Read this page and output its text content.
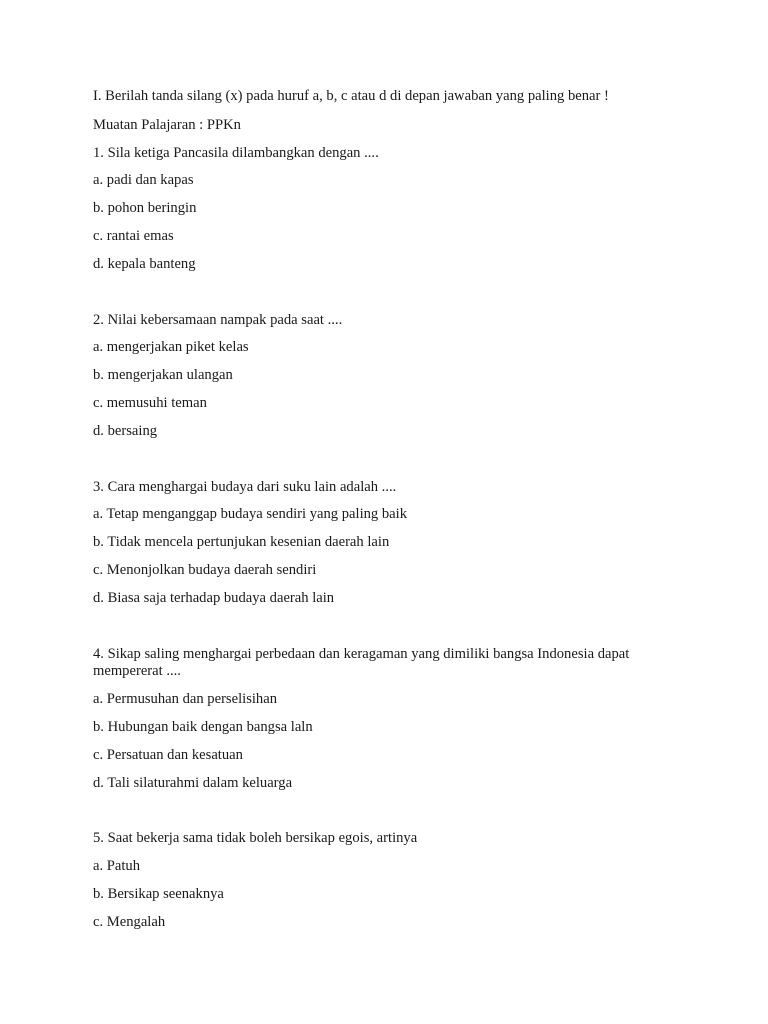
I. Berilah tanda silang (x) pada huruf a, b, c atau d di depan jawaban yang paling benar !
Muatan Palajaran : PPKn
1. Sila ketiga Pancasila dilambangkan dengan ....
a. padi dan kapas
b. pohon beringin
c. rantai emas
d. kepala banteng
2. Nilai kebersamaan nampak pada saat ....
a. mengerjakan piket kelas
b. mengerjakan ulangan
c. memusuhi teman
d. bersaing
3. Cara menghargai budaya dari suku lain adalah ....
a. Tetap menganggap budaya sendiri yang paling baik
b. Tidak mencela pertunjukan kesenian daerah lain
c. Menonjolkan budaya daerah sendiri
d. Biasa saja terhadap budaya daerah lain
4. Sikap saling menghargai perbedaan dan keragaman yang dimiliki bangsa Indonesia dapat mempererat ....
a. Permusuhan dan perselisihan
b. Hubungan baik dengan bangsa laln
c. Persatuan dan kesatuan
d. Tali silaturahmi dalam keluarga
5. Saat bekerja sama tidak boleh bersikap egois, artinya
a. Patuh
b. Bersikap seenaknya
c. Mengalah
